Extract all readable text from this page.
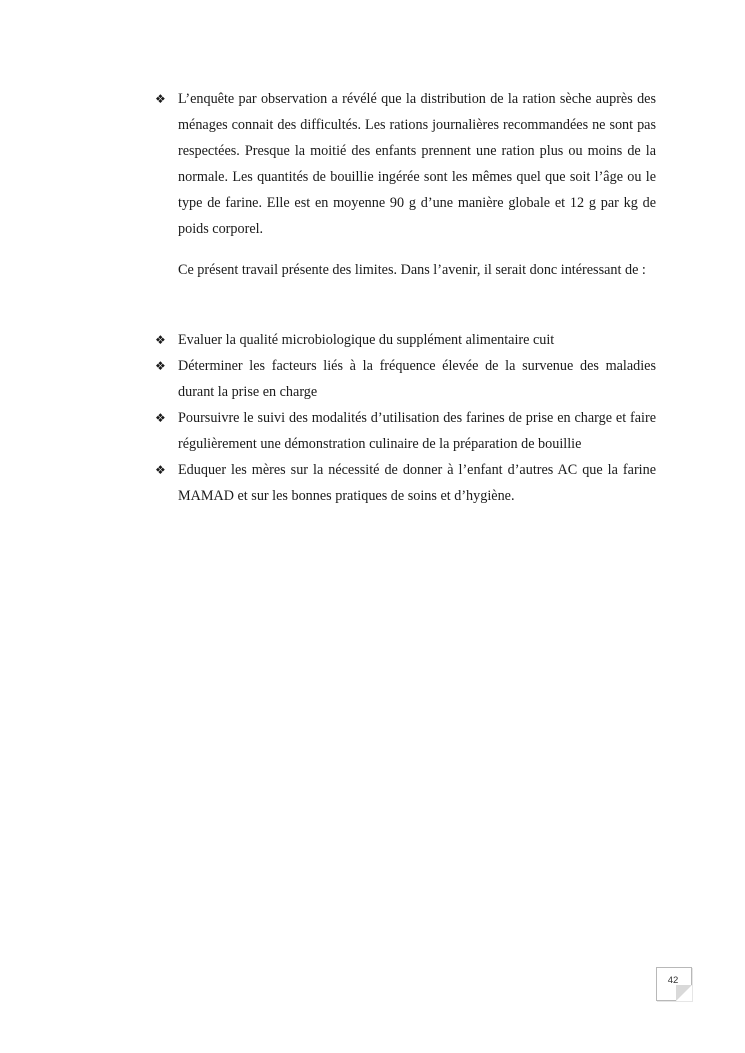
❖ L’enquête par observation a révélé que la distribution de la ration sèche auprès des ménages connait des difficultés. Les rations journalières recommandées ne sont pas respectées. Presque la moitié des enfants prennent une ration plus ou moins de la normale. Les quantités de bouillie ingérée sont les mêmes quel que soit l’âge ou le type de farine. Elle est en moyenne 90 g d’une manière globale et 12 g par kg de poids corporel.

Ce présent travail présente des limites. Dans l’avenir, il serait donc intéressant de :

❖ Evaluer la qualité microbiologique du supplément alimentaire cuit
❖ Déterminer les facteurs liés à la fréquence élevée de la survenue des maladies durant la prise en charge
❖ Poursuivre le suivi des modalités d’utilisation des farines de prise en charge et faire régulièrement une démonstration culinaire de la préparation de bouillie
❖ Eduquer les mères sur la nécessité de donner à l’enfant d’autres AC que la farine MAMAD et sur les bonnes pratiques de soins et d’hygiène.
42
